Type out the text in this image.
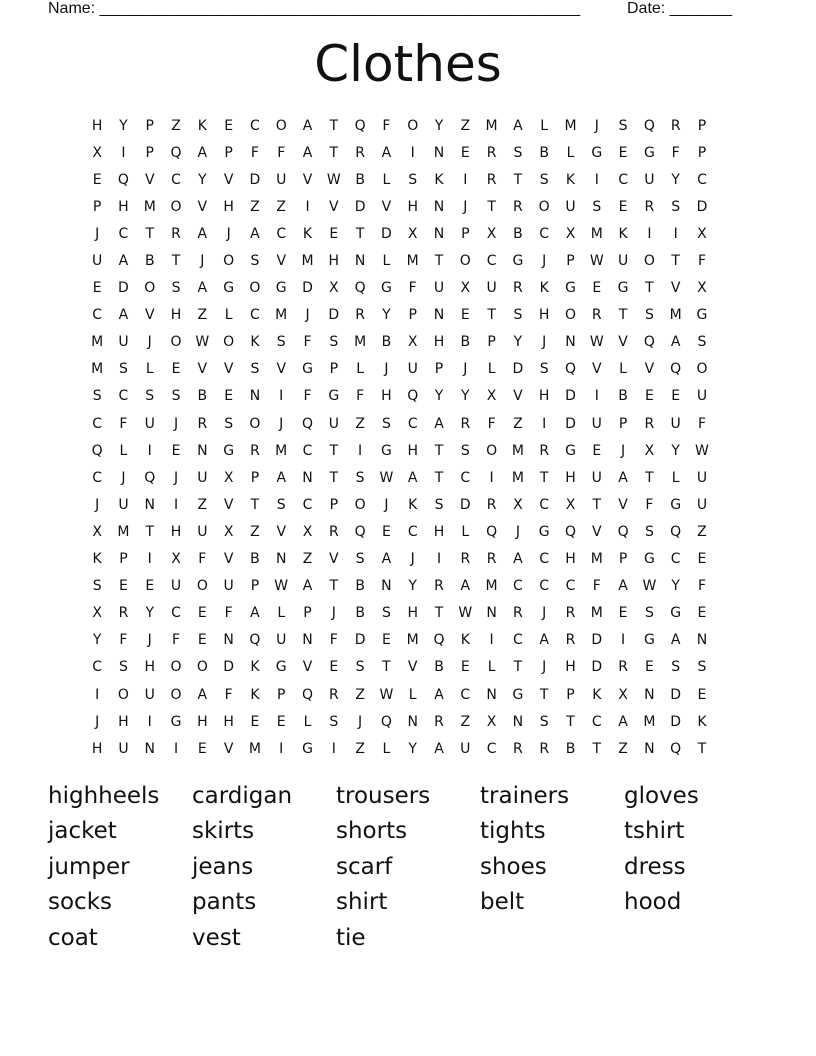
Name: ______________________________________________________	Date: _______
Clothes
H	Y	P	Z	K	E	C	O	A	T	Q	F	O	Y	Z	M	A	L	M	J	S	Q	R	P
X	I	P	Q	A	P	F	F	A	T	R	A	I	N	E	R	S	B	L	G	E	G	F	P
E	Q	V	C	Y	V	D	U	V	W	B	L	S	K	I	R	T	S	K	I	C	U	Y	C
P	H	M	O	V	H	Z	Z	I	V	D	V	H	N	J	T	R	O	U	S	E	R	S	D
J	C	T	R	A	J	A	C	K	E	T	D	X	N	P	X	B	C	X	M	K	I	I	X
U	A	B	T	J	O	S	V	M	H	N	L	M	T	O	C	G	J	P	W	U	O	T	F
E	D	O	S	A	G	O	G	D	X	Q	G	F	U	X	U	R	K	G	E	G	T	V	X
C	A	V	H	Z	L	C	M	J	D	R	Y	P	N	E	T	S	H	O	R	T	S	M	G
M	U	J	O W O	K	S	F	S	M	B	X	H	B	P	Y	J	N	W	V	Q	A	S
M	S	L	E	V	V	S	V	G	P	L	J	U	P	J	L	D	S	Q	V	L	V	Q	O
S	C	S	S	B	E	N	I	F	G	F	H	Q	Y	Y	X	V	H	D	I	B	E	E	U
C	F	U	J	R	S	O	J	Q	U	Z	S	C	A	R	F	Z	I	D	U	P	R	U	F
Q	L	I	E	N	G	R	M	C	T	I	G	H	T	S	O	M	R	G	E	J	X	Y	W
C	J	Q	J	U	X	P	A	N	T	S	W	A	T	C	I	M	T	H	U	A	T	L	U
J	U	N	I	Z	V	T	S	C	P	O	J	K	S	D	R	X	C	X	T	V	F	G	U
X	M	T	H	U	X	Z	V	X	R	Q	E	C	H	L	Q	J	G	Q	V	Q	S	Q	Z
K	P	I	X	F	V	B	N	Z	V	S	A	J	I	R	R	A	C	H	M	P	G	C	E
S	E	E	U	O	U	P	W	A	T	B	N	Y	R	A	M	C	C	C	F	A	W	Y	F
X	R	Y	C	E	F	A	L	P	J	B	S	H	T	W	N	R	J	R	M	E	S	G	E
Y	F	J	F	E	N	Q	U	N	F	D	E	M	Q	K	I	C	A	R	D	I	G	A	N
C	S	H	O	O	D	K	G	V	E	S	T	V	B	E	L	T	J	H	D	R	E	S	S
I	O	U	O	A	F	K	P	Q	R	Z	W	L	A	C	N	G	T	P	K	X	N	D	E
J	H	I	G	H	H	E	E	L	S	J	Q	N	R	Z	X	N	S	T	C	A	M	D	K
H	U	N	I	E	V	M	I	G	I	Z	L	Y	A	U	C	R	R	B	T	Z	N	Q	T
highheels	cardigan	trousers	trainers	gloves
jacket	skirts	shorts	tights	tshirt
jumper	jeans	scarf	shoes	dress
socks	pants	shirt	belt	hood
coat	vest	tie
